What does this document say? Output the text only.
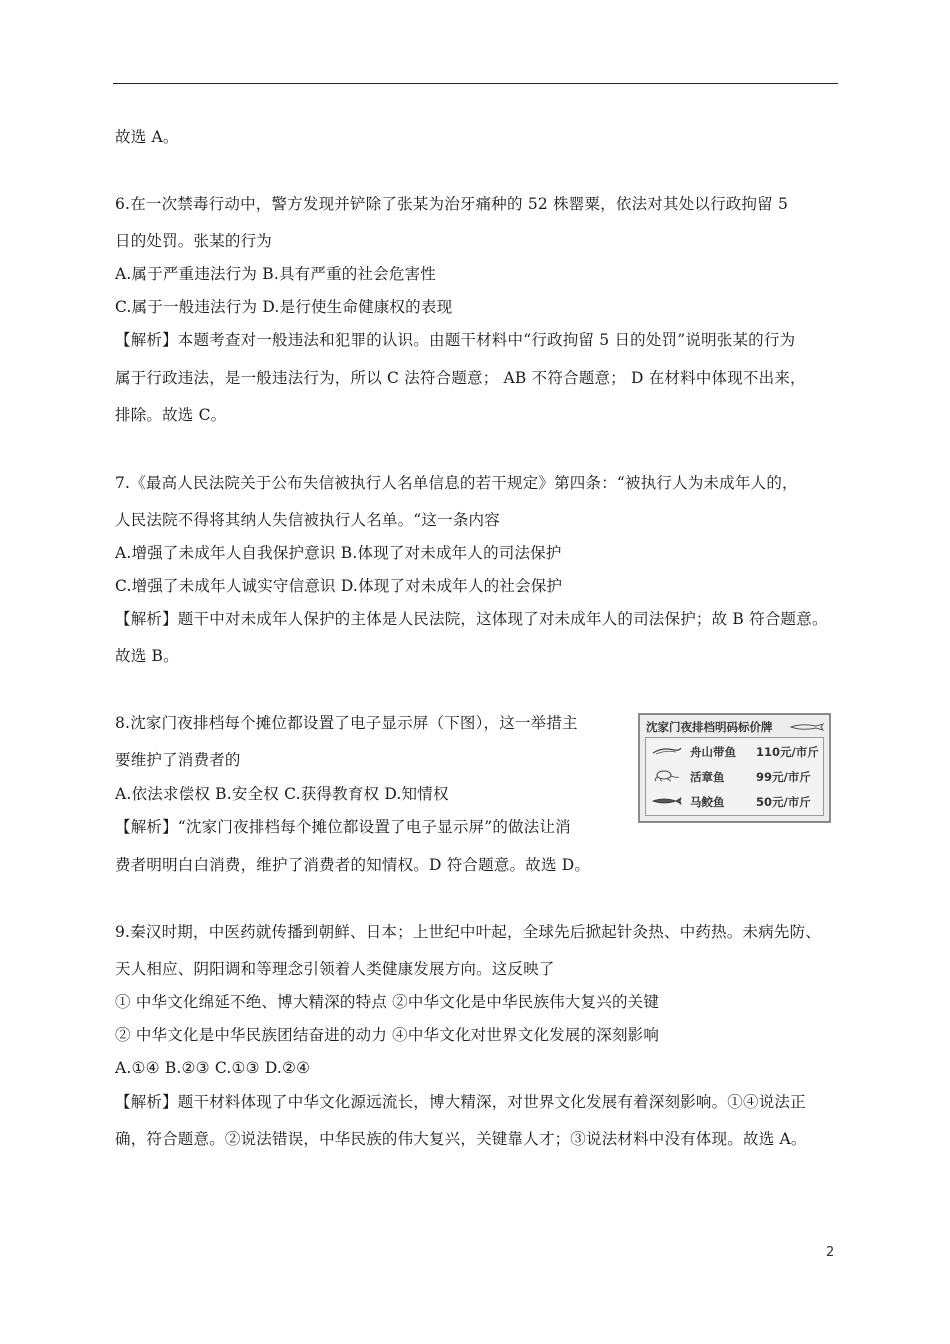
故选 A。
6.在一次禁毒行动中，警方发现并铲除了张某为治牙痛种的 52 株罂粟，依法对其处以行政拘留 5
日的处罚。张某的行为
A.属于严重违法行为 B.具有严重的社会危害性
C.属于一般违法行为 D.是行使生命健康权的表现
【解析】本题考查对一般违法和犯罪的认识。由题干材料中“行政拘留 5 日的处罚”说明张某的行为
属于行政违法，是一般违法行为，所以 C 法符合题意； AB 不符合题意； D 在材料中体现不出来，
排除。故选 C。
7.《最高人民法院关于公布失信被执行人名单信息的若干规定》第四条：“被执行人为未成年人的，
人民法院不得将其纳人失信被执行人名单。“这一条内容
A.增强了未成年人自我保护意识 B.体现了对未成年人的司法保护
C.增强了未成年人诚实守信意识 D.体现了对未成年人的社会保护
【解析】题干中对未成年人保护的主体是人民法院，这体现了对未成年人的司法保护；故 B 符合题意。
故选 B。
8.沈家门夜排档每个摊位都设置了电子显示屏（下图），这一举措主
要维护了消费者的
A.依法求偿权 B.安全权 C.获得教育权 D.知情权
【解析】“沈家门夜排档每个摊位都设置了电子显示屏”的做法让消
费者明明白白消费，维护了消费者的知情权。D 符合题意。故选 D。
沈家门夜排档明码标价牌
舟山带鱼 110元/市斤
活章鱼	99元/市斤
马鲛鱼	50元/市斤
9.秦汉时期，中医药就传播到朝鲜、日本；上世纪中叶起，全球先后掀起针灸热、中药热。未病先防、
天人相应、阴阳调和等理念引领着人类健康发展方向。这反映了
① 中华文化绵延不绝、博大精深的特点 ②中华文化是中华民族伟大复兴的关键
② 中华文化是中华民族团结奋进的动力 ④中华文化对世界文化发展的深刻影响
A.①④ B.②③ C.①③ D.②④
【解析】题干材料体现了中华文化源远流长，博大精深，对世界文化发展有着深刻影响。①④说法正
确，符合题意。②说法错误，中华民族的伟大复兴，关键靠人才；③说法材料中没有体现。故选 A。
2
